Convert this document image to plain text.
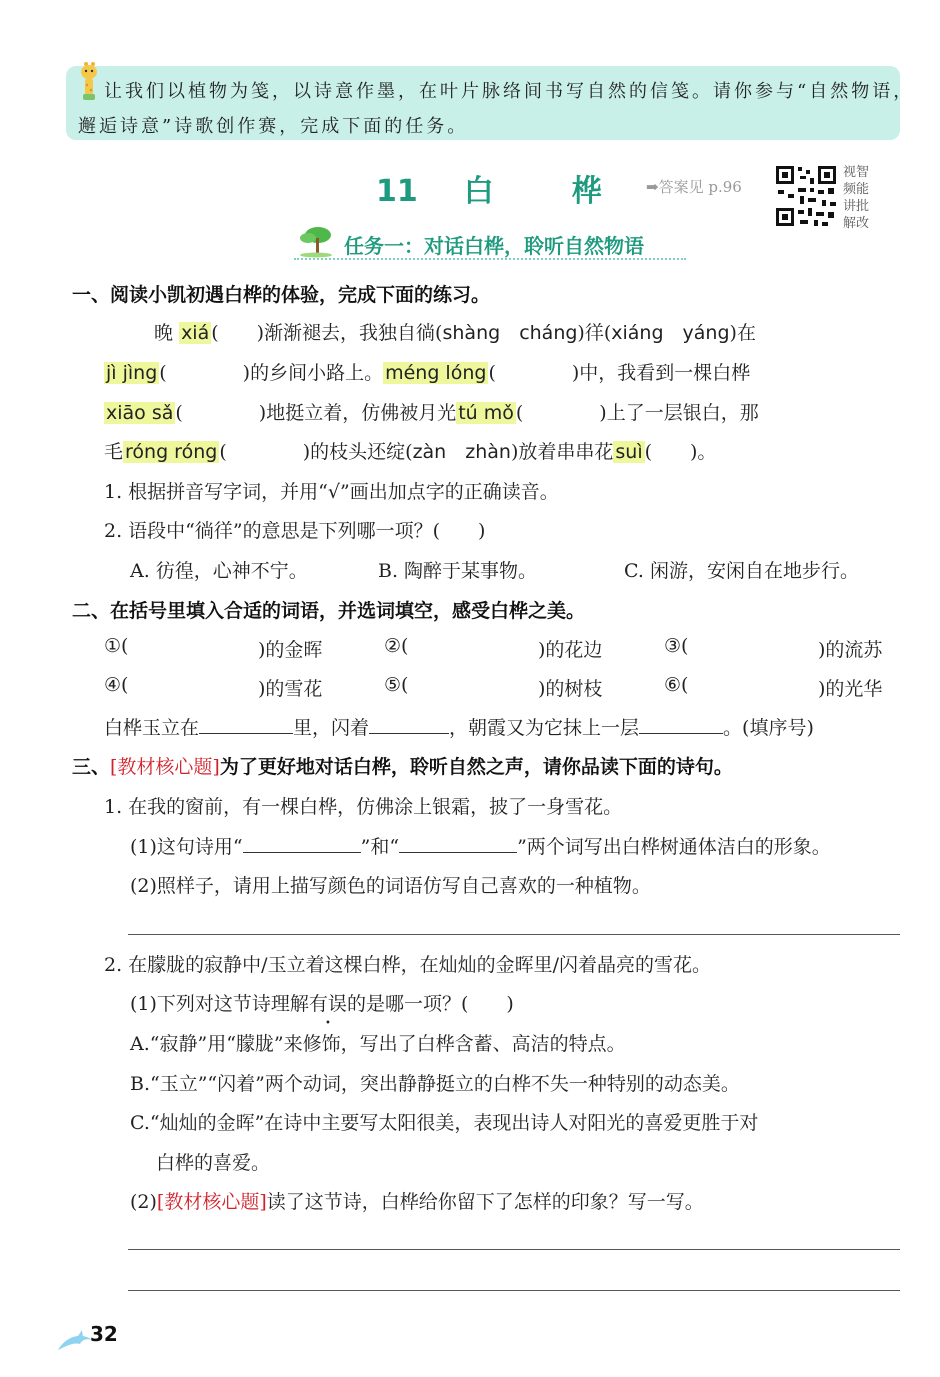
让我们以植物为笺，以诗意作墨，在叶片脉络间书写自然的信笺。请你参与“自然物语，
邂逅诗意”诗歌创作赛，完成下面的任务。
11 白	桦	➡答案见 p.96
视智
频能
讲批
解改
任务一：对话白桦，聆听自然物语
一、阅读小凯初遇白桦的体验，完成下面的练习。
晚 xiá (　　)渐渐褪去，我独自徜(shàng　 cháng)徉(xiáng　 yáng)在
jì jìng (　　　　)的乡间小路上。 méng lóng (　　　　)中，我看到一棵白桦
xiāo sǎ (　　　　)地挺立着，仿佛被月光 tú mǒ (　　　　)上了一层银白，那
毛 róng róng (　　　　)的枝头还绽(zàn　 zhàn)放着串串花 suì (　　)。
1. 根据拼音写字词，并用“√”画出加点字的正确读音。
2. 语段中“徜徉”的意思是下列哪一项？(　　)
A. 彷徨，心神不宁。	B. 陶醉于某事物。	C. 闲游，安闲自在地步行。
二、在括号里填入合适的词语，并选词填空，感受白桦之美。
①(	)的金晖	②(	)的花边	③(	)的流苏
④(	)的雪花	⑤(	)的树枝	⑥(	)的光华
白桦玉立在	里，闪着	，朝霞又为它抹上一层	。(填序号)
三、[教材核心题]为了更好地对话白桦，聆听自然之声，请你品读下面的诗句。
1. 在我的窗前，有一棵白桦，仿佛涂上银霜，披了一身雪花。
(1)这句诗用“	”和“	”两个词写出白桦树通体洁白的形象。
(2)照样子，请用上描写颜色的词语仿写自己喜欢的一种植物。
2. 在朦胧的寂静中/玉立着这棵白桦，在灿灿的金晖里/闪着晶亮的雪花。
(1)下列对这节诗理解有误的是哪一项？(　　)
A.“寂静”用“朦胧”来修饰，写出了白桦含蓄、高洁的特点。
B.“玉立”“闪着”两个动词，突出静静挺立的白桦不失一种特别的动态美。
C.“灿灿的金晖”在诗中主要写太阳很美，表现出诗人对阳光的喜爱更胜于对
白桦的喜爱。
(2)[教材核心题]读了这节诗，白桦给你留下了怎样的印象？写一写。
32
